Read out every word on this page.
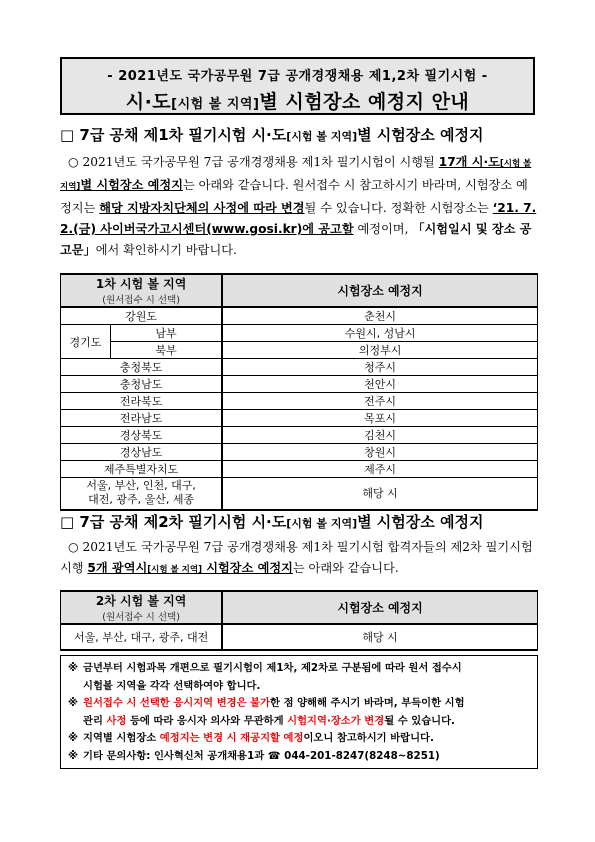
- 2021년도 국가공무원 7급 공개경쟁채용 제1,2차 필기시험 -
시·도[시험 볼 지역]별 시험장소 예정지 안내
□ 7급 공채 제1차 필기시험 시·도[시험 볼 지역]별 시험장소 예정지
○ 2021년도 국가공무원 7급 공개경쟁채용 제1차 필기시험이 시행될 17개 시·도[시험 볼 지역]별 시험장소 예정지는 아래와 같습니다. 원서접수 시 참고하시기 바라며, 시험장소 예정지는 해당 지방자치단체의 사정에 따라 변경될 수 있습니다. 정확한 시험장소는 ‘21. 7. 2.(금) 사이버국가고시센터(www.gosi.kr)에 공고할 예정이며, 「시험일시 및 장소 공고문」에서 확인하시기 바랍니다.
1차 시험 볼 지역
(원서접수 시 선택)		시험장소 예정지

강원도		춘천시
경기도	남부	수원시, 성남시
	북부	의정부시
충청북도		청주시
충청남도		천안시
전라북도		전주시
전라남도		목포시
경상북도		김천시
경상남도		창원시
제주특별자치도		제주시

서울, 부산, 인천, 대구,
대전, 광주, 울산, 세종		해당 시
□ 7급 공채 제2차 필기시험 시·도[시험 볼 지역]별 시험장소 예정지
○ 2021년도 국가공무원 7급 공개경쟁채용 제1차 필기시험 합격자들의 제2차 필기시험 시행 5개 광역시[시험 볼 지역] 시험장소 예정지는 아래와 같습니다.
2차 시험 볼 지역
(원서접수 시 선택)	시험장소 예정지

서울, 부산, 대구, 광주, 대전	해당 시
※ 금년부터 시험과목 개편으로 필기시험이 제1차, 제2차로 구분됨에 따라 원서 접수시
시험볼 지역을 각각 선택하여야 합니다.
※ 원서접수 시 선택한 응시지역 변경은 불가한 점 양해해 주시기 바라며, 부득이한 시험
관리 사정 등에 따라 응시자 의사와 무관하게 시험지역·장소가 변경될 수 있습니다.
※ 지역별 시험장소 예정지는 변경 시 재공지할 예정이오니 참고하시기 바랍니다.
※ 기타 문의사항: 인사혁신처 공개채용1과 ☎ 044-201-8247(8248~8251)
